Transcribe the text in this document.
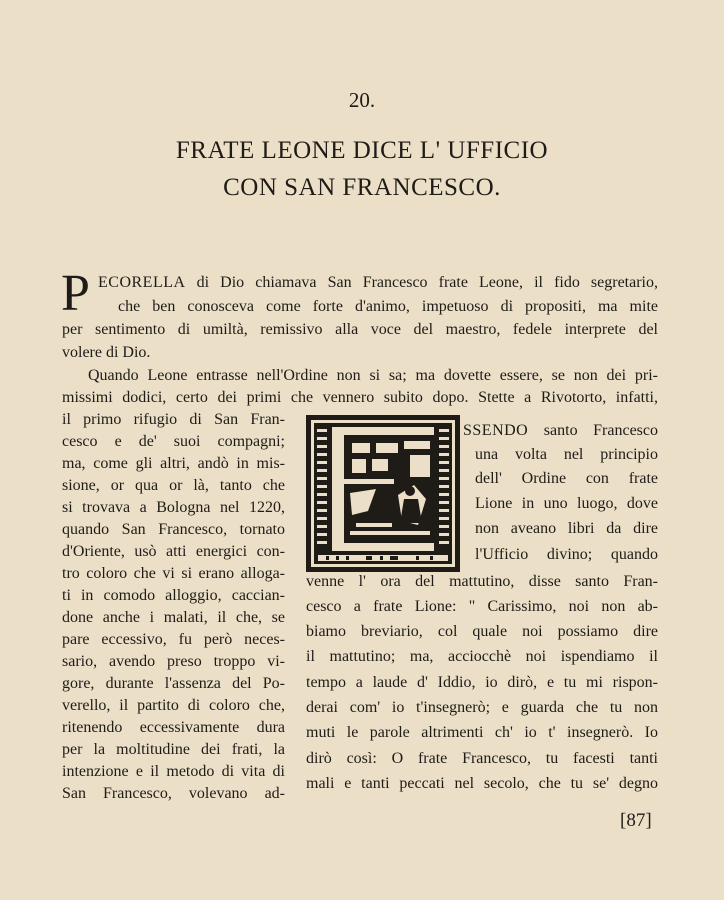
20.
FRATE LEONE DICE L' UFFICIO
CON SAN FRANCESCO.
P ECORELLA di Dio chiamava San Francesco frate Leone, il fido segretario,
che ben conosceva come forte d'animo, impetuoso di propositi, ma mite
per sentimento di umiltà, remissivo alla voce del maestro, fedele interprete del
volere di Dio.
Quando Leone entrasse nell'Ordine non si sa; ma dovette essere, se non dei pri-
missimi dodici, certo dei primi che vennero subito dopo. Stette a Rivotorto, infatti,
il primo rifugio di San Fran-
cesco e de' suoi compagni;
ma, come gli altri, andò in mis-
sione, or qua or là, tanto che
si trovava a Bologna nel 1220,
quando San Francesco, tornato
d'Oriente, usò atti energici con-
tro coloro che vi si erano alloga-
ti in comodo alloggio, caccian-
done anche i malati, il che, se
pare eccessivo, fu però neces-
sario, avendo preso troppo vi-
gore, durante l'assenza del Po-
verello, il partito di coloro che,
ritenendo eccessivamente dura
per la moltitudine dei frati, la
intenzione e il metodo di vita di
San Francesco, volevano ad-
SSENDO santo Francesco
una volta nel principio
dell' Ordine con frate
Lione in uno luogo, dove
non aveano libri da dire
l'Ufficio divino; quando
venne l' ora del mattutino, disse santo Fran-
cesco a frate Lione: " Carissimo, noi non ab-
biamo breviario, col quale noi possiamo dire
il mattutino; ma, acciocchè noi ispendiamo il
tempo a laude d' Iddio, io dirò, e tu mi rispon-
derai com' io t'insegnerò; e guarda che tu non
muti le parole altrimenti ch' io t' insegnerò. Io
dirò così: O frate Francesco, tu facesti tanti
mali e tanti peccati nel secolo, che tu se' degno
[87]
